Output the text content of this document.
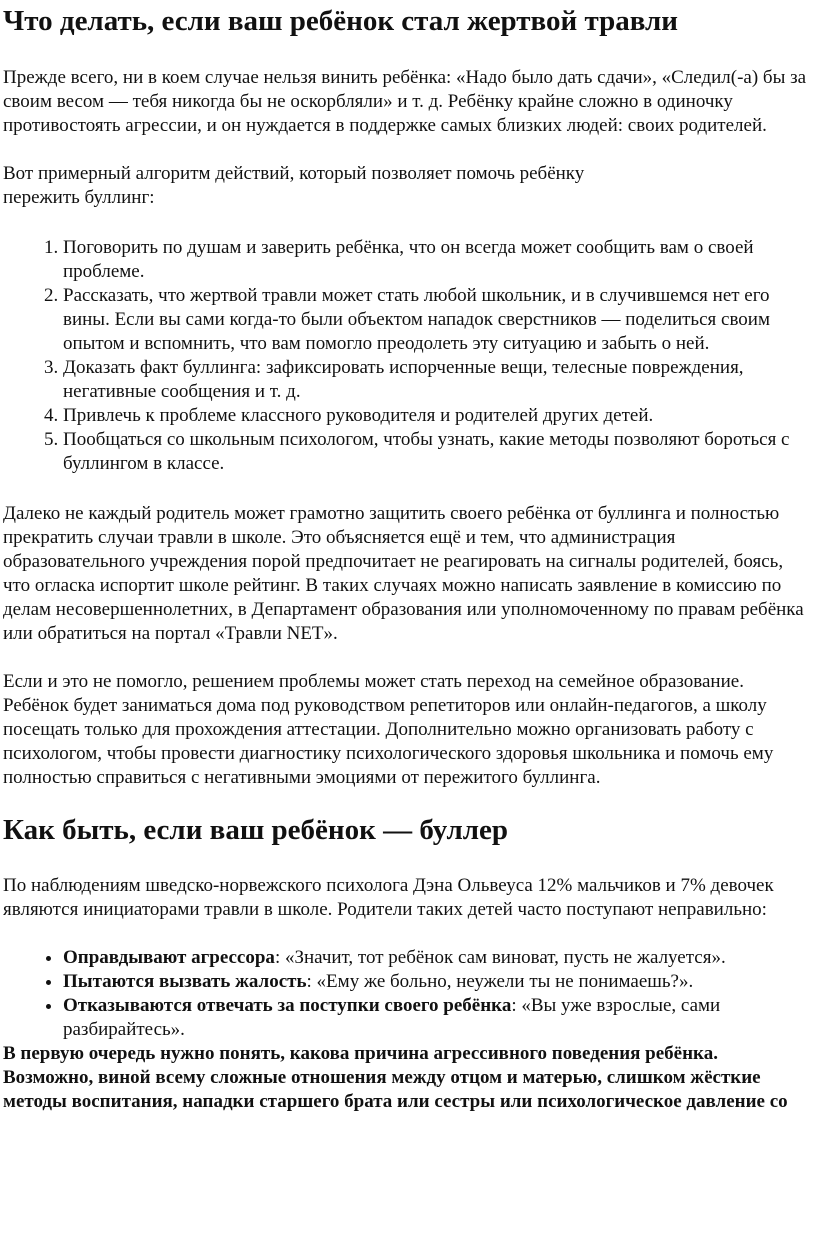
Что делать, если ваш ребёнок стал жертвой травли

Прежде всего, ни в коем случае нельзя винить ребёнка: «Надо было дать сдачи», «Следил(-а) бы за своим весом — тебя никогда бы не оскорбляли» и т. д. Ребёнку крайне сложно в одиночку противостоять агрессии, и он нуждается в поддержке самых близких людей: своих родителей.

Вот примерный алгоритм действий, который позволяет помочь ребёнку
пережить буллинг:

1. Поговорить по душам и заверить ребёнка, что он всегда может сообщить вам о своей проблеме.
2. Рассказать, что жертвой травли может стать любой школьник, и в случившемся нет его вины. Если вы сами когда-то были объектом нападок сверстников — поделиться своим опытом и вспомнить, что вам помогло преодолеть эту ситуацию и забыть о ней.
3. Доказать факт буллинга: зафиксировать испорченные вещи, телесные повреждения, негативные сообщения и т. д.
4. Привлечь к проблеме классного руководителя и родителей других детей.
5. Пообщаться со школьным психологом, чтобы узнать, какие методы позволяют бороться с буллингом в классе.

Далеко не каждый родитель может грамотно защитить своего ребёнка от буллинга и полностью прекратить случаи травли в школе. Это объясняется ещё и тем, что администрация образовательного учреждения порой предпочитает не реагировать на сигналы родителей, боясь, что огласка испортит школе рейтинг. В таких случаях можно написать заявление в комиссию по делам несовершеннолетних, в Департамент образования или уполномоченному по правам ребёнка или обратиться на портал «Травли NET».

Если и это не помогло, решением проблемы может стать переход на семейное образование. Ребёнок будет заниматься дома под руководством репетиторов или онлайн-педагогов, а школу посещать только для прохождения аттестации. Дополнительно можно организовать работу с психологом, чтобы провести диагностику психологического здоровья школьника и помочь ему полностью справиться с негативными эмоциями от пережитого буллинга.

Как быть, если ваш ребёнок — буллер

По наблюдениям шведско-норвежского психолога Дэна Ольвеуса 12% мальчиков и 7% девочек являются инициаторами травли в школе. Родители таких детей часто поступают неправильно:

• Оправдывают агрессора: «Значит, тот ребёнок сам виноват, пусть не жалуется».
• Пытаются вызвать жалость: «Ему же больно, неужели ты не понимаешь?».
• Отказываются отвечать за поступки своего ребёнка: «Вы уже взрослые, сами разбирайтесь».

В первую очередь нужно понять, какова причина агрессивного поведения ребёнка. Возможно, виной всему сложные отношения между отцом и матерью, слишком жёсткие методы воспитания, нападки старшего брата или сестры или психологическое давление со
